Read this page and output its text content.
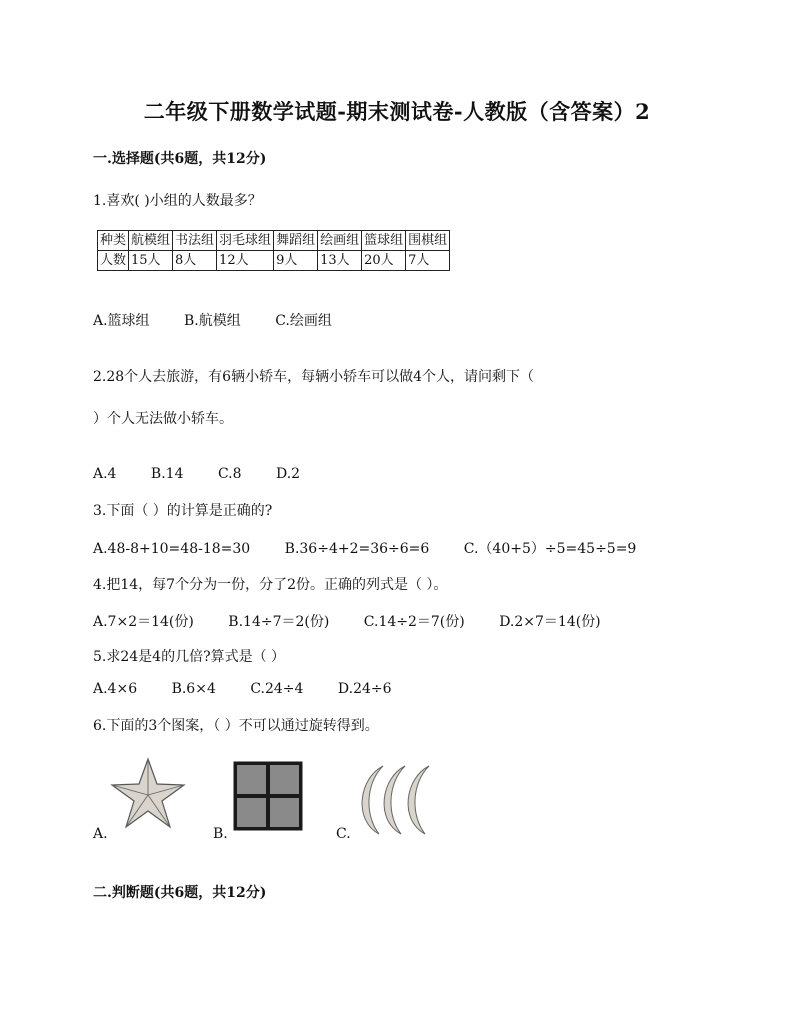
二年级下册数学试题-期末测试卷-人教版（含答案）2
一.选择题(共6题，共12分)
1.喜欢( )小组的人数最多？
种类	航模组	书法组	羽毛球组	舞蹈组	绘画组	篮球组	围棋组
人数	15人	8人	12人	9人	13人	20人	7人
A.篮球组 B.航模组 C.绘画组
2.28个人去旅游，有6辆小轿车，每辆小轿车可以做4个人，请问剩下（
）个人无法做小轿车。
A.4 B.14 C.8 D.2
3.下面（ ）的计算是正确的?
A.48-8+10=48-18=30 B.36÷4+2=36÷6=6 C.（40+5）÷5=45÷5=9
4.把14，每7个分为一份，分了2份。正确的列式是（ ）。
A.7×2＝14(份) B.14÷7＝2(份) C.14÷2＝7(份) D.2×7＝14(份)
5.求24是4的几倍?算式是（ ）
A.4×6 B.6×4 C.24÷4 D.24÷6
6.下面的3个图案，（ ）不可以通过旋转得到。
A.	B.	C.
二.判断题(共6题，共12分)
